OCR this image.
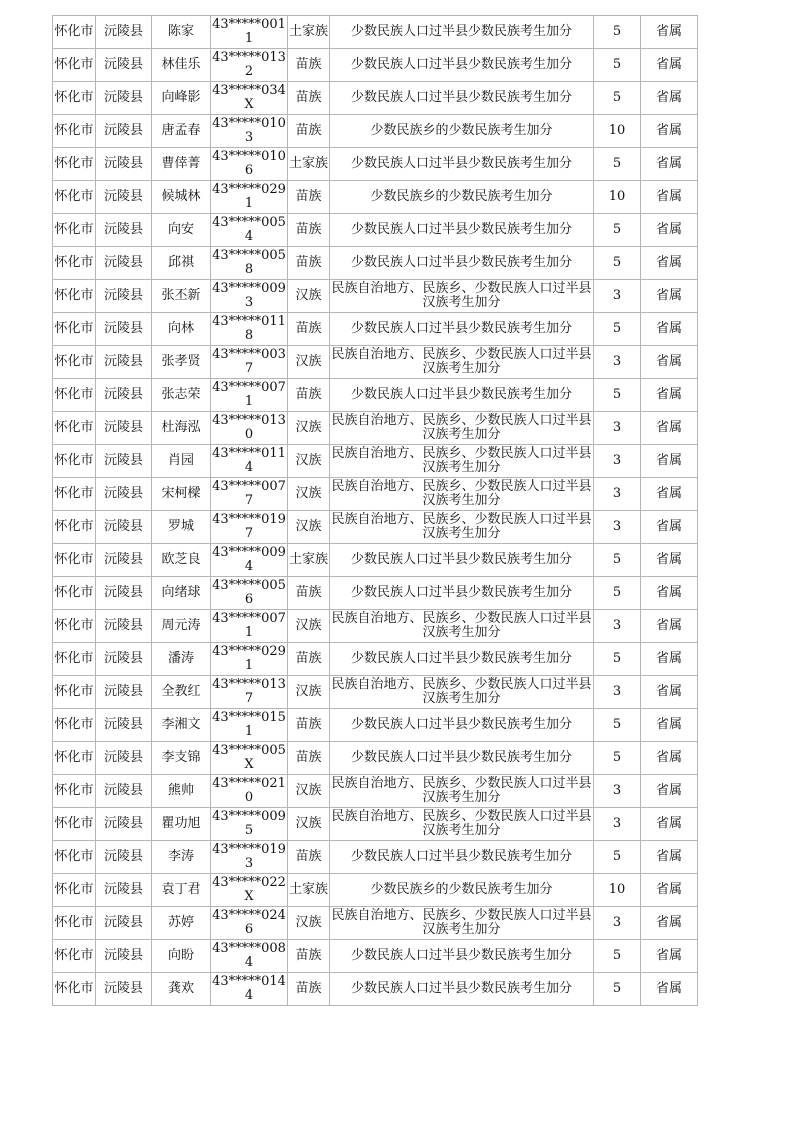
怀化市	沅陵县	陈家	43*****0011	土家族	少数民族人口过半县少数民族考生加分	5	省属
怀化市	沅陵县	林佳乐	43*****0132	苗族	少数民族人口过半县少数民族考生加分	5	省属
怀化市	沅陵县	向峰影	43*****034X	苗族	少数民族人口过半县少数民族考生加分	5	省属
怀化市	沅陵县	唐孟春	43*****0103	苗族	少数民族乡的少数民族考生加分	10	省属
怀化市	沅陵县	曹倖菁	43*****0106	土家族	少数民族人口过半县少数民族考生加分	5	省属
怀化市	沅陵县	候城林	43*****0291	苗族	少数民族乡的少数民族考生加分	10	省属
怀化市	沅陵县	向安	43*****0054	苗族	少数民族人口过半县少数民族考生加分	5	省属
怀化市	沅陵县	邱祺	43*****0058	苗族	少数民族人口过半县少数民族考生加分	5	省属
怀化市	沅陵县	张丕新	43*****0093	汉族	民族自治地方、民族乡、少数民族人口过半县汉族考生加分	3	省属
怀化市	沅陵县	向林	43*****0118	苗族	少数民族人口过半县少数民族考生加分	5	省属
怀化市	沅陵县	张孝贤	43*****0037	汉族	民族自治地方、民族乡、少数民族人口过半县汉族考生加分	3	省属
怀化市	沅陵县	张志荣	43*****0071	苗族	少数民族人口过半县少数民族考生加分	5	省属
怀化市	沅陵县	杜海泓	43*****0130	汉族	民族自治地方、民族乡、少数民族人口过半县汉族考生加分	3	省属
怀化市	沅陵县	肖园	43*****0114	汉族	民族自治地方、民族乡、少数民族人口过半县汉族考生加分	3	省属
怀化市	沅陵县	宋柯樑	43*****0077	汉族	民族自治地方、民族乡、少数民族人口过半县汉族考生加分	3	省属
怀化市	沅陵县	罗城	43*****0197	汉族	民族自治地方、民族乡、少数民族人口过半县汉族考生加分	3	省属
怀化市	沅陵县	欧芝良	43*****0094	土家族	少数民族人口过半县少数民族考生加分	5	省属
怀化市	沅陵县	向绪球	43*****0056	苗族	少数民族人口过半县少数民族考生加分	5	省属
怀化市	沅陵县	周元涛	43*****0071	汉族	民族自治地方、民族乡、少数民族人口过半县汉族考生加分	3	省属
怀化市	沅陵县	潘涛	43*****0291	苗族	少数民族人口过半县少数民族考生加分	5	省属
怀化市	沅陵县	全教红	43*****0137	汉族	民族自治地方、民族乡、少数民族人口过半县汉族考生加分	3	省属
怀化市	沅陵县	李湘文	43*****0151	苗族	少数民族人口过半县少数民族考生加分	5	省属
怀化市	沅陵县	李支锦	43*****005X	苗族	少数民族人口过半县少数民族考生加分	5	省属
怀化市	沅陵县	熊帅	43*****0210	汉族	民族自治地方、民族乡、少数民族人口过半县汉族考生加分	3	省属
怀化市	沅陵县	瞿功旭	43*****0095	汉族	民族自治地方、民族乡、少数民族人口过半县汉族考生加分	3	省属
怀化市	沅陵县	李涛	43*****0193	苗族	少数民族人口过半县少数民族考生加分	5	省属
怀化市	沅陵县	袁丁君	43*****022X	土家族	少数民族乡的少数民族考生加分	10	省属
怀化市	沅陵县	苏婷	43*****0246	汉族	民族自治地方、民族乡、少数民族人口过半县汉族考生加分	3	省属
怀化市	沅陵县	向盼	43*****0084	苗族	少数民族人口过半县少数民族考生加分	5	省属
怀化市	沅陵县	龚欢	43*****0144	苗族	少数民族人口过半县少数民族考生加分	5	省属
